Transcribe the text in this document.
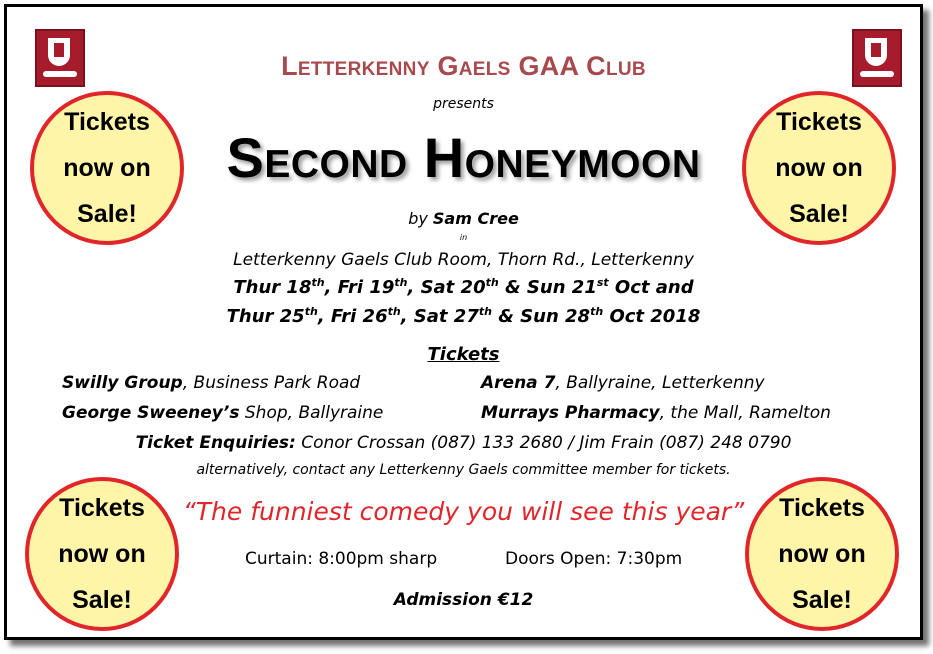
Letterkenny Gaels GAA Club
presents
Second Honeymoon
by Sam Cree
in
Letterkenny Gaels Club Room, Thorn Rd., Letterkenny
Thur 18th, Fri 19th, Sat 20th & Sun 21st Oct and
Thur 25th, Fri 26th, Sat 27th & Sun 28th Oct 2018
Tickets
Swilly Group, Business Park Road	Arena 7, Ballyraine, Letterkenny
George Sweeney’s Shop, Ballyraine	Murrays Pharmacy, the Mall, Ramelton
Ticket Enquiries: Conor Crossan (087) 133 2680 / Jim Frain (087) 248 0790
alternatively, contact any Letterkenny Gaels committee member for tickets.
“The funniest comedy you will see this year”
Curtain: 8:00pm sharp	Doors Open: 7:30pm
Admission €12
Tickets
now on
Sale!
Tickets
now on
Sale!
Tickets
now on
Sale!
Tickets
now on
Sale!
